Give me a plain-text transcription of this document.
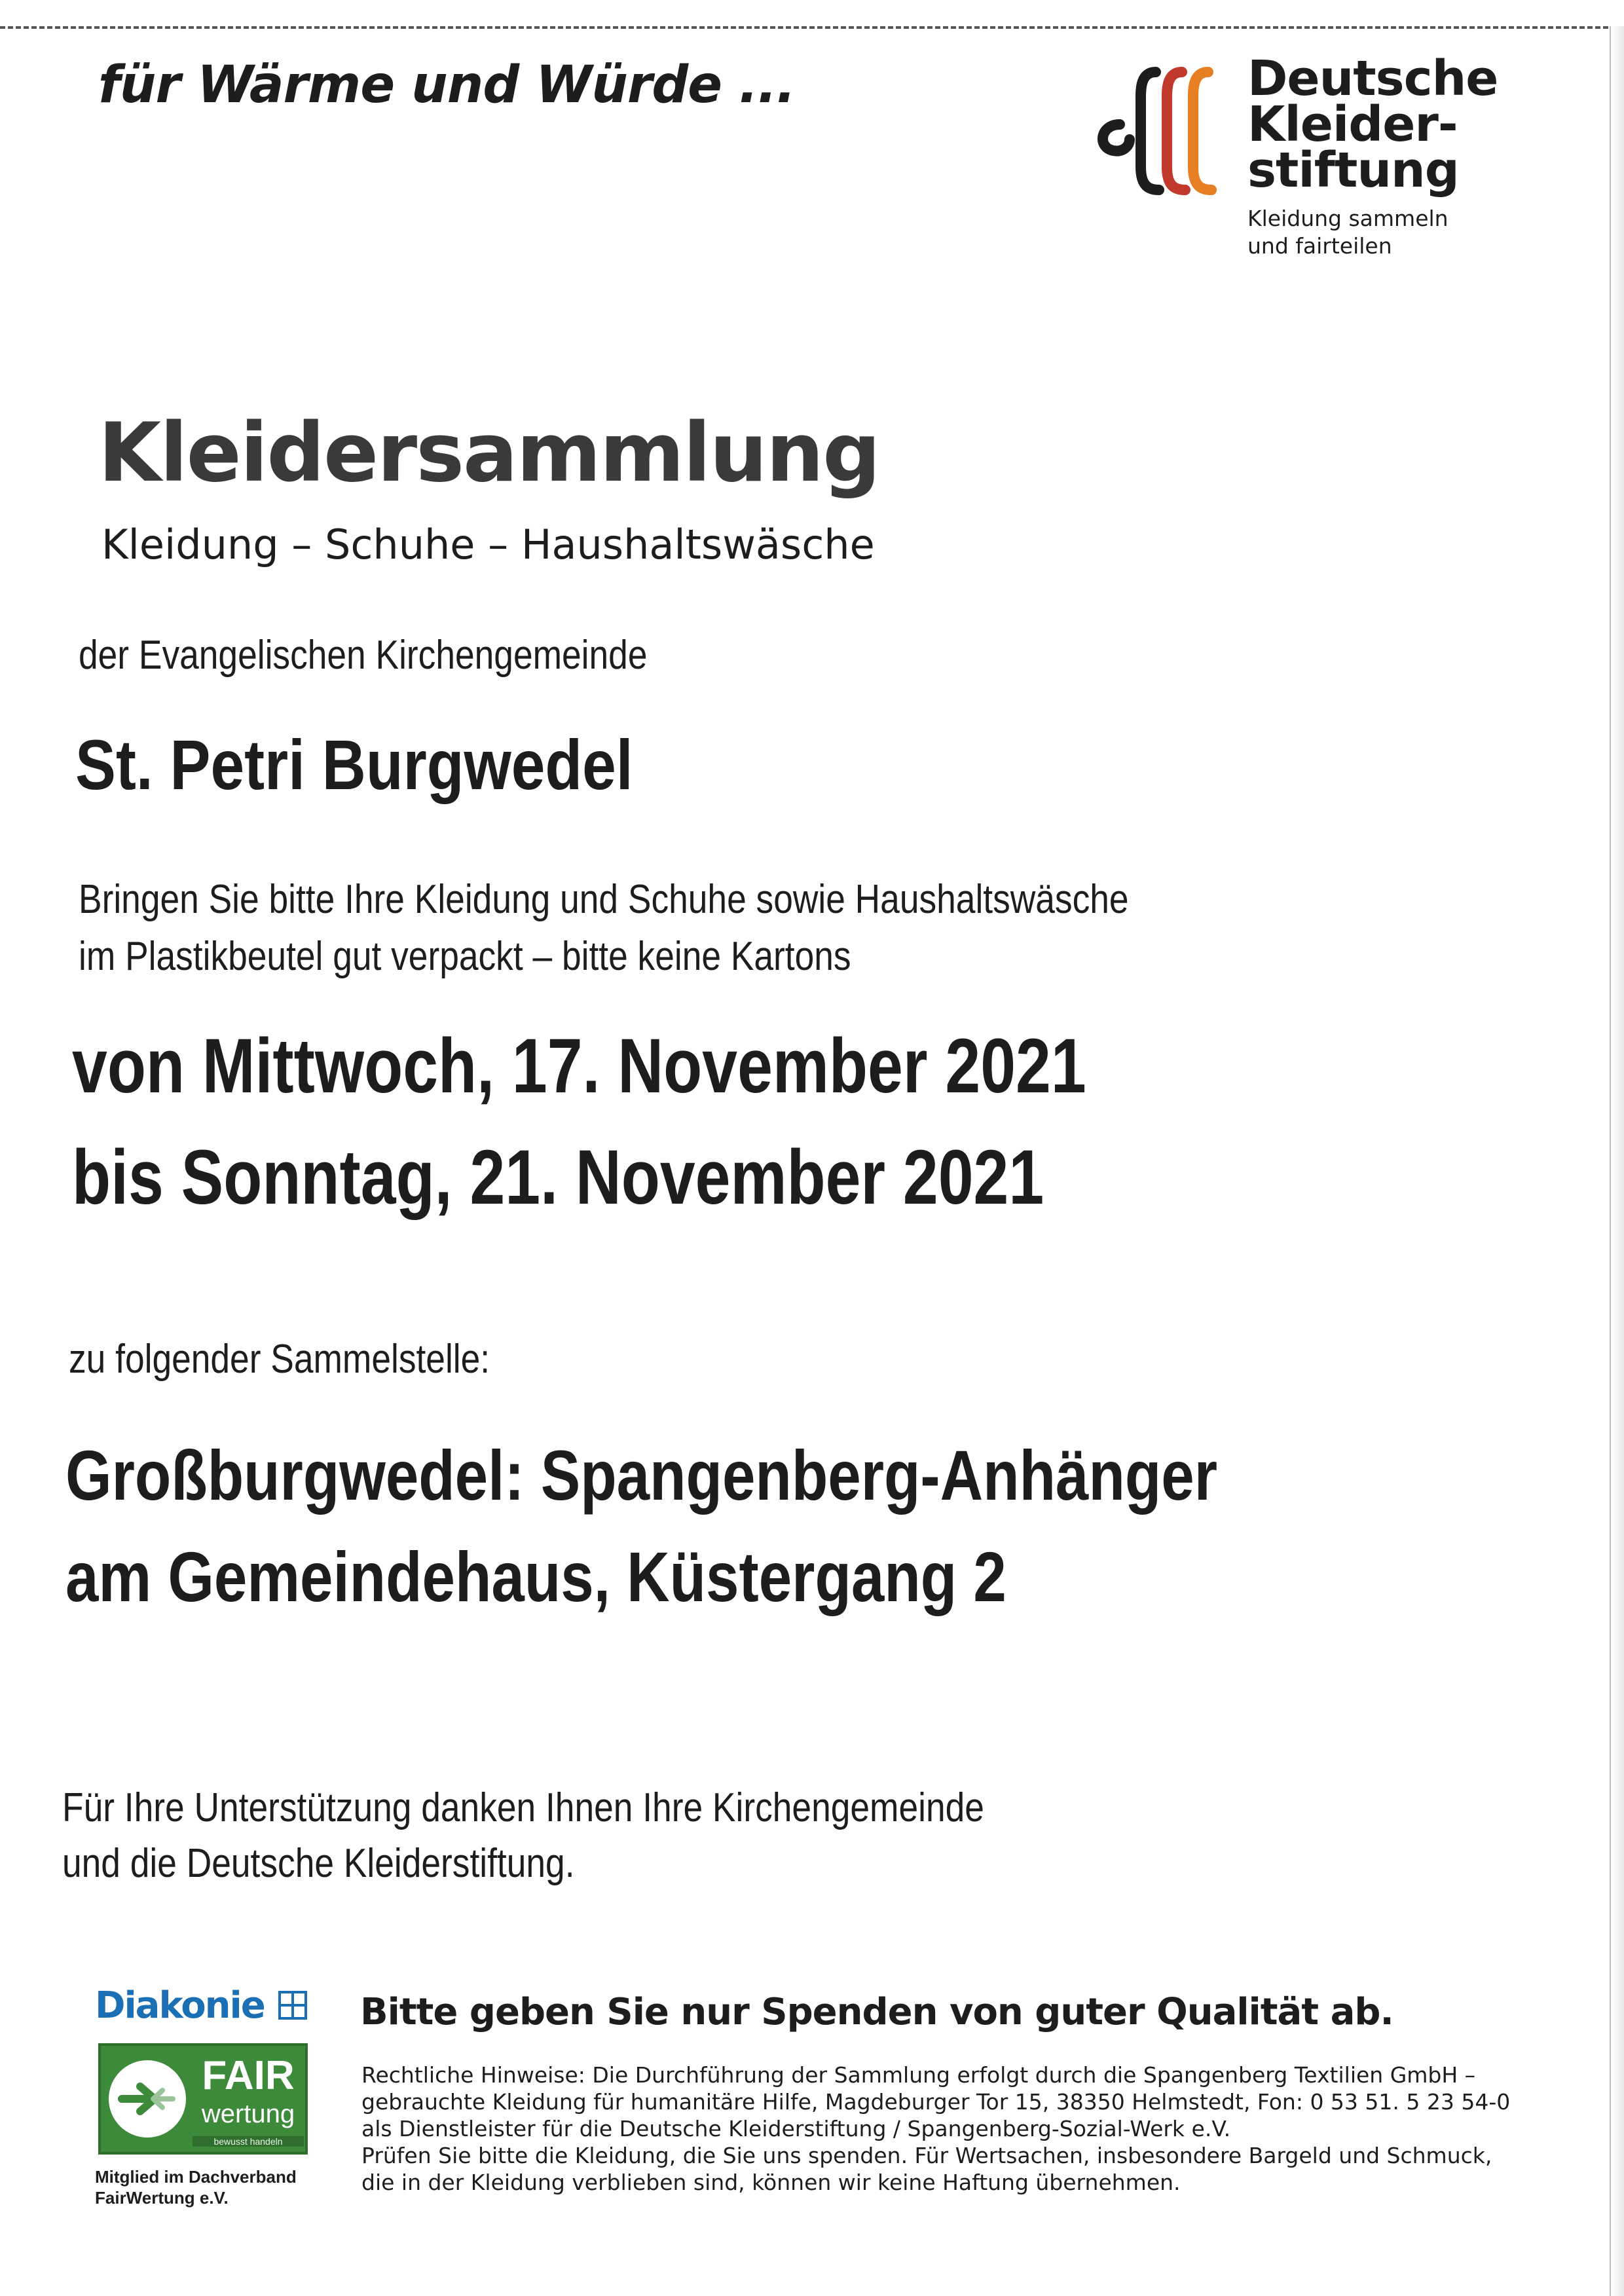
für Wärme und Würde ...	Deutsche
Kleider-
stiftung
Kleidung sammeln
und fairteilen
Kleidersammlung
Kleidung – Schuhe – Haushaltswäsche
der Evangelischen Kirchengemeinde
St. Petri Burgwedel
Bringen Sie bitte Ihre Kleidung und Schuhe sowie Haushaltswäsche
im Plastikbeutel gut verpackt – bitte keine Kartons
von Mittwoch, 17. November 2021
bis Sonntag, 21. November 2021
zu folgender Sammelstelle:
Großburgwedel: Spangenberg-Anhänger
am Gemeindehaus, Küstergang 2
Für Ihre Unterstützung danken Ihnen Ihre Kirchengemeinde
und die Deutsche Kleiderstiftung.
Diakonie
FAIR
wertung
bewusst handeln
Mitglied im Dachverband
FairWertung e.V.
Bitte geben Sie nur Spenden von guter Qualität ab.
Rechtliche Hinweise: Die Durchführung der Sammlung erfolgt durch die Spangenberg Textilien GmbH –
gebrauchte Kleidung für humanitäre Hilfe, Magdeburger Tor 15, 38350 Helmstedt, Fon: 0 53 51. 5 23 54-0
als Dienstleister für die Deutsche Kleiderstiftung / Spangenberg-Sozial-Werk e.V.
Prüfen Sie bitte die Kleidung, die Sie uns spenden. Für Wertsachen, insbesondere Bargeld und Schmuck,
die in der Kleidung verblieben sind, können wir keine Haftung übernehmen.
